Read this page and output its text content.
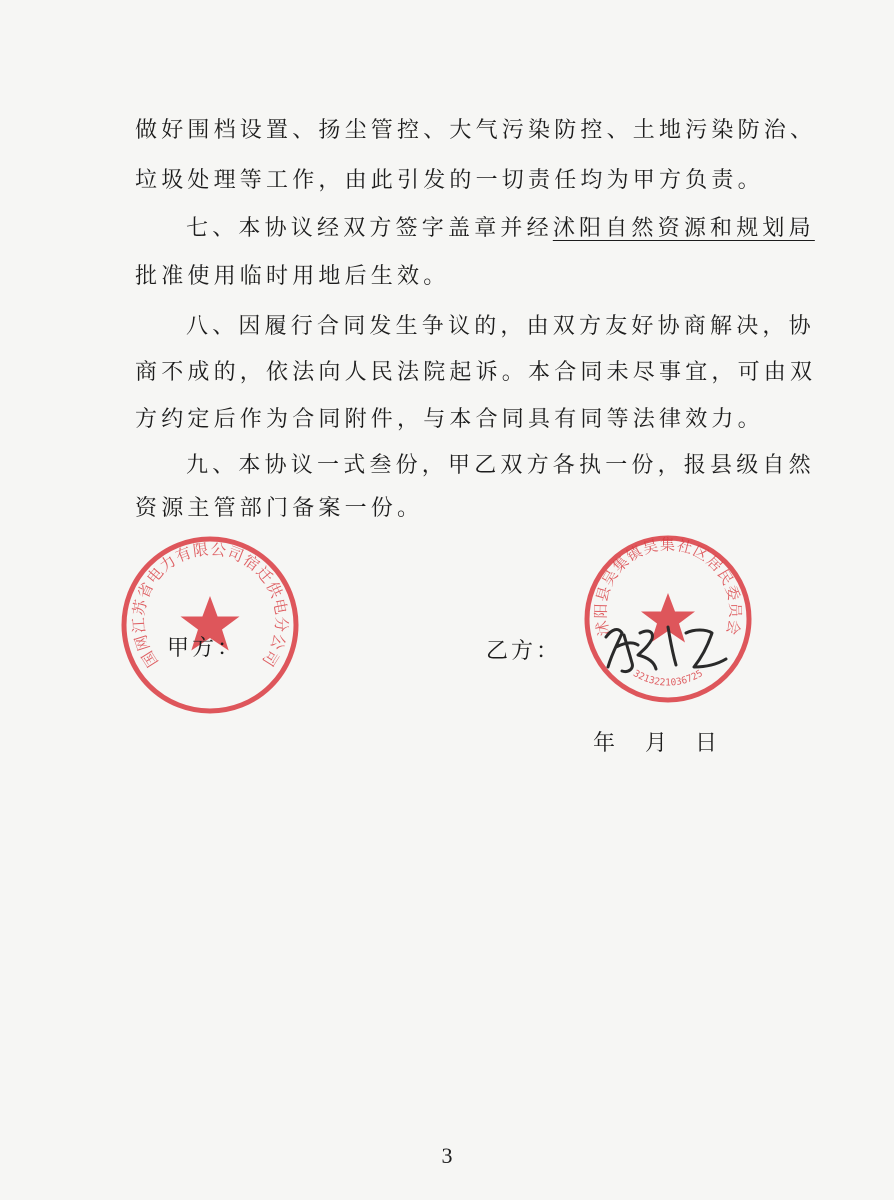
做好围档设置、扬尘管控、大气污染防控、土地污染防治、
垃圾处理等工作，由此引发的一切责任均为甲方负责。
七、本协议经双方签字盖章并经沭阳自然资源和规划局
批准使用临时用地后生效。
八、因履行合同发生争议的，由双方友好协商解决，协
商不成的，依法向人民法院起诉。本合同未尽事宜，可由双
方约定后作为合同附件，与本合同具有同等法律效力。
九、本协议一式叁份，甲乙双方各执一份，报县级自然
资源主管部门备案一份。
国网江苏省电力有限公司宿迁供电分公司
甲方：	乙方：
沭阳县吴集镇吴集社区居民委员会
3213221036725
年 月 日
3
